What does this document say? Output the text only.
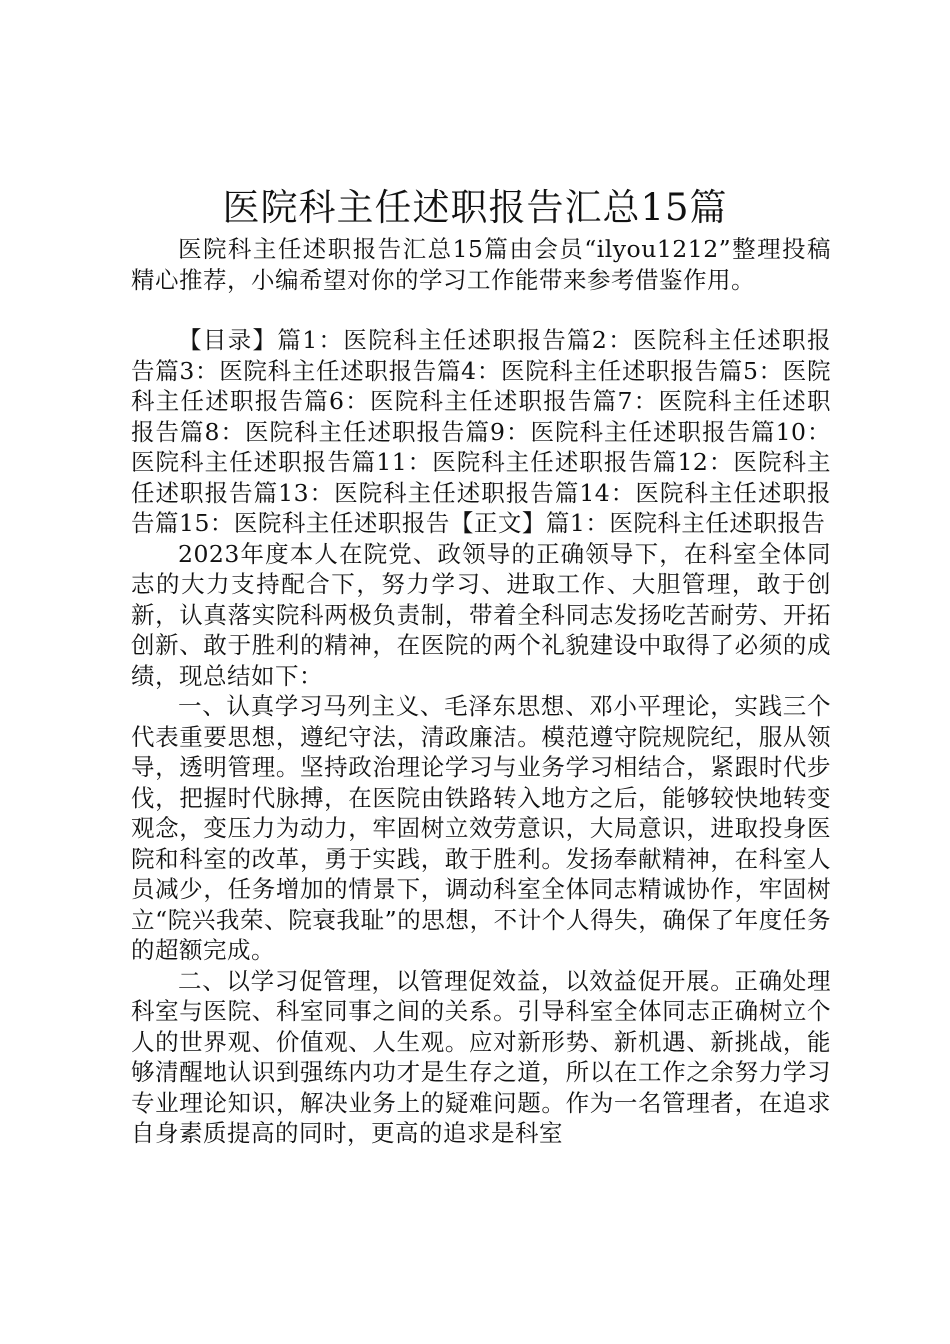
医院科主任述职报告汇总15篇

医院科主任述职报告汇总15篇由会员“ilyou1212”整理投稿精心推荐，小编希望对你的学习工作能带来参考借鉴作用。

【目录】篇1：医院科主任述职报告篇2：医院科主任述职报告篇3：医院科主任述职报告篇4：医院科主任述职报告篇5：医院科主任述职报告篇6：医院科主任述职报告篇7：医院科主任述职报告篇8：医院科主任述职报告篇9：医院科主任述职报告篇10：医院科主任述职报告篇11：医院科主任述职报告篇12：医院科主任述职报告篇13：医院科主任述职报告篇14：医院科主任述职报告篇15：医院科主任述职报告【正文】篇1：医院科主任述职报告

2023年度本人在院党、政领导的正确领导下，在科室全体同志的大力支持配合下，努力学习、进取工作、大胆管理，敢于创新，认真落实院科两极负责制，带着全科同志发扬吃苦耐劳、开拓创新、敢于胜利的精神，在医院的两个礼貌建设中取得了必须的成绩，现总结如下：

一、认真学习马列主义、毛泽东思想、邓小平理论，实践三个代表重要思想，遵纪守法，清政廉洁。模范遵守院规院纪，服从领导，透明管理。坚持政治理论学习与业务学习相结合，紧跟时代步伐，把握时代脉搏，在医院由铁路转入地方之后，能够较快地转变观念，变压力为动力，牢固树立效劳意识，大局意识，进取投身医院和科室的改革，勇于实践，敢于胜利。发扬奉献精神，在科室人员减少，任务增加的情景下，调动科室全体同志精诚协作，牢固树立“院兴我荣、院衰我耻”的思想，不计个人得失，确保了年度任务的超额完成。

二、以学习促管理，以管理促效益，以效益促开展。正确处理科室与医院、科室同事之间的关系。引导科室全体同志正确树立个人的世界观、价值观、人生观。应对新形势、新机遇、新挑战，能够清醒地认识到强练内功才是生存之道，所以在工作之余努力学习专业理论知识，解决业务上的疑难问题。作为一名管理者，在追求自身素质提高的同时，更高的追求是科室
